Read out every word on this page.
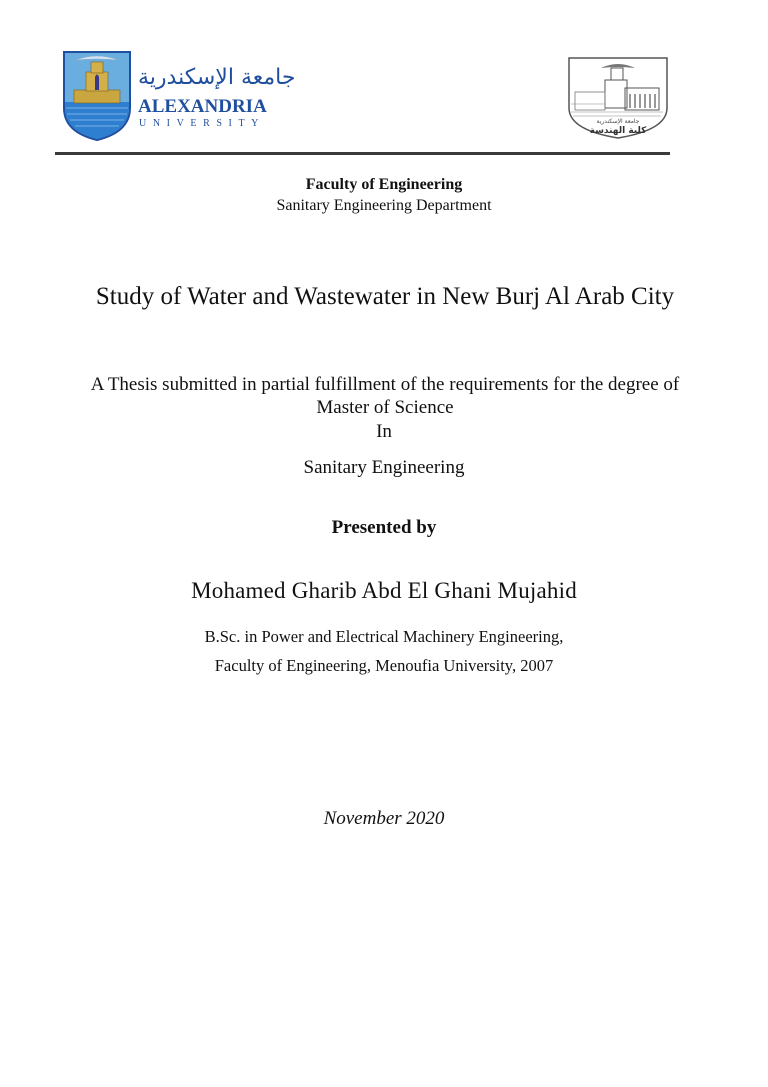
جامعة الإسكندرية
ALEXANDRIA
UNIVERSITY	جامعة الإسكندرية
كلية الهندسة
Faculty of Engineering
Sanitary Engineering Department
Study of Water and Wastewater in New Burj Al Arab City
A Thesis submitted in partial fulfillment of the requirements for the degree of Master of Science
In
Sanitary Engineering
Presented by
Mohamed Gharib Abd El Ghani Mujahid
B.Sc. in Power and Electrical Machinery Engineering,
Faculty of Engineering, Menoufia University, 2007
November 2020
